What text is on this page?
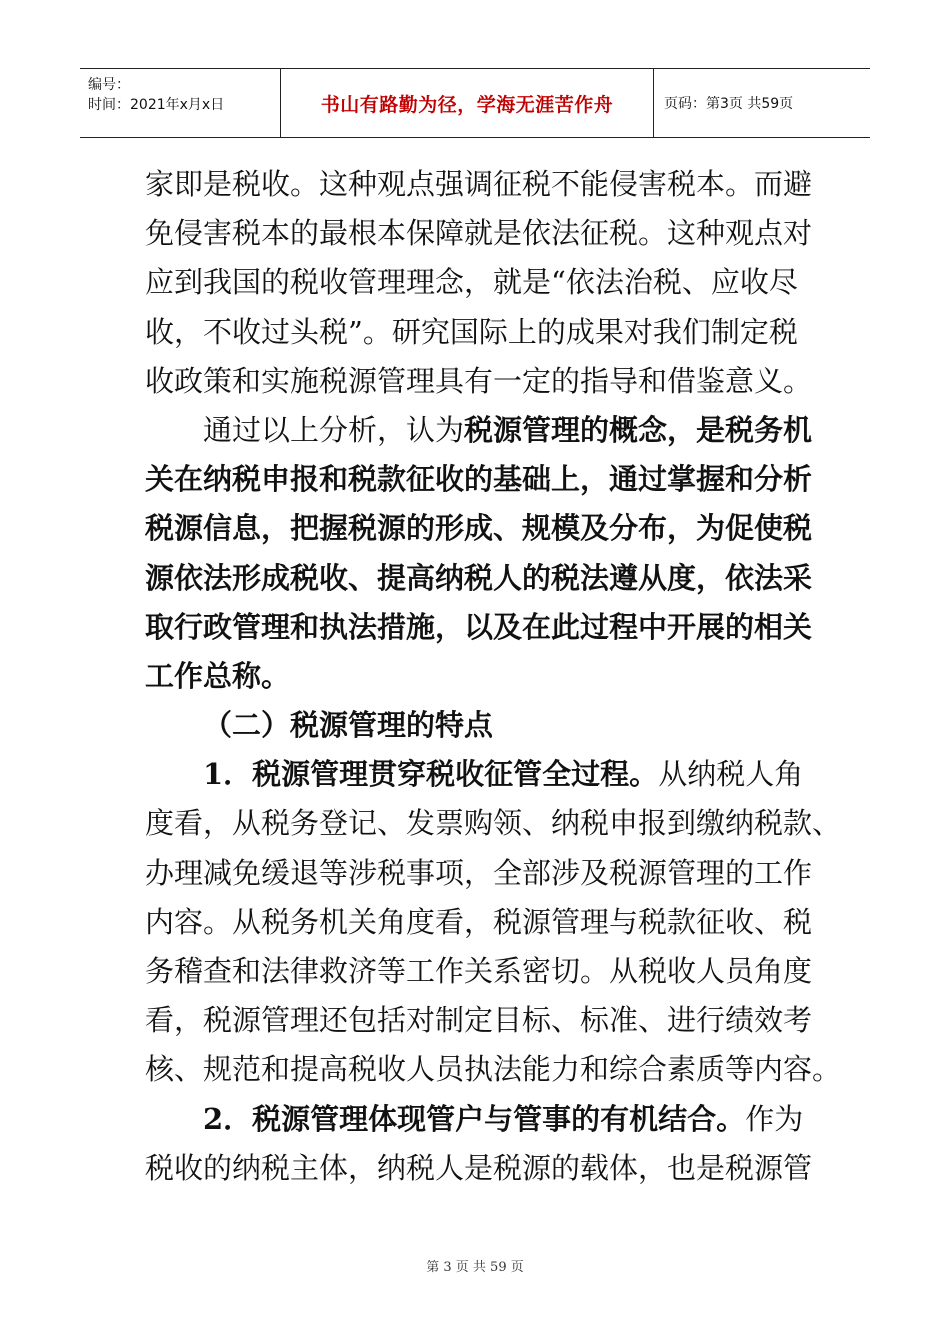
编号：
时间：2021年x月x日	书山有路勤为径，学海无涯苦作舟	页码：第3页 共59页
家即是税收。这种观点强调征税不能侵害税本。而避
免侵害税本的最根本保障就是依法征税。这种观点对
应到我国的税收管理理念，就是“依法治税、应收尽
收，不收过头税”。研究国际上的成果对我们制定税
收政策和实施税源管理具有一定的指导和借鉴意义。
通过以上分析，认为税源管理的概念，是税务机
关在纳税申报和税款征收的基础上，通过掌握和分析
税源信息，把握税源的形成、规模及分布，为促使税
源依法形成税收、提高纳税人的税法遵从度，依法采
取行政管理和执法措施，以及在此过程中开展的相关
工作总称。
（二）税源管理的特点
1．税源管理贯穿税收征管全过程。从纳税人角
度看，从税务登记、发票购领、纳税申报到缴纳税款、
办理减免缓退等涉税事项，全部涉及税源管理的工作
内容。从税务机关角度看，税源管理与税款征收、税
务稽查和法律救济等工作关系密切。从税收人员角度
看，税源管理还包括对制定目标、标准、进行绩效考
核、规范和提高税收人员执法能力和综合素质等内容。
2．税源管理体现管户与管事的有机结合。作为
税收的纳税主体，纳税人是税源的载体，也是税源管
第 3 页 共 59 页
